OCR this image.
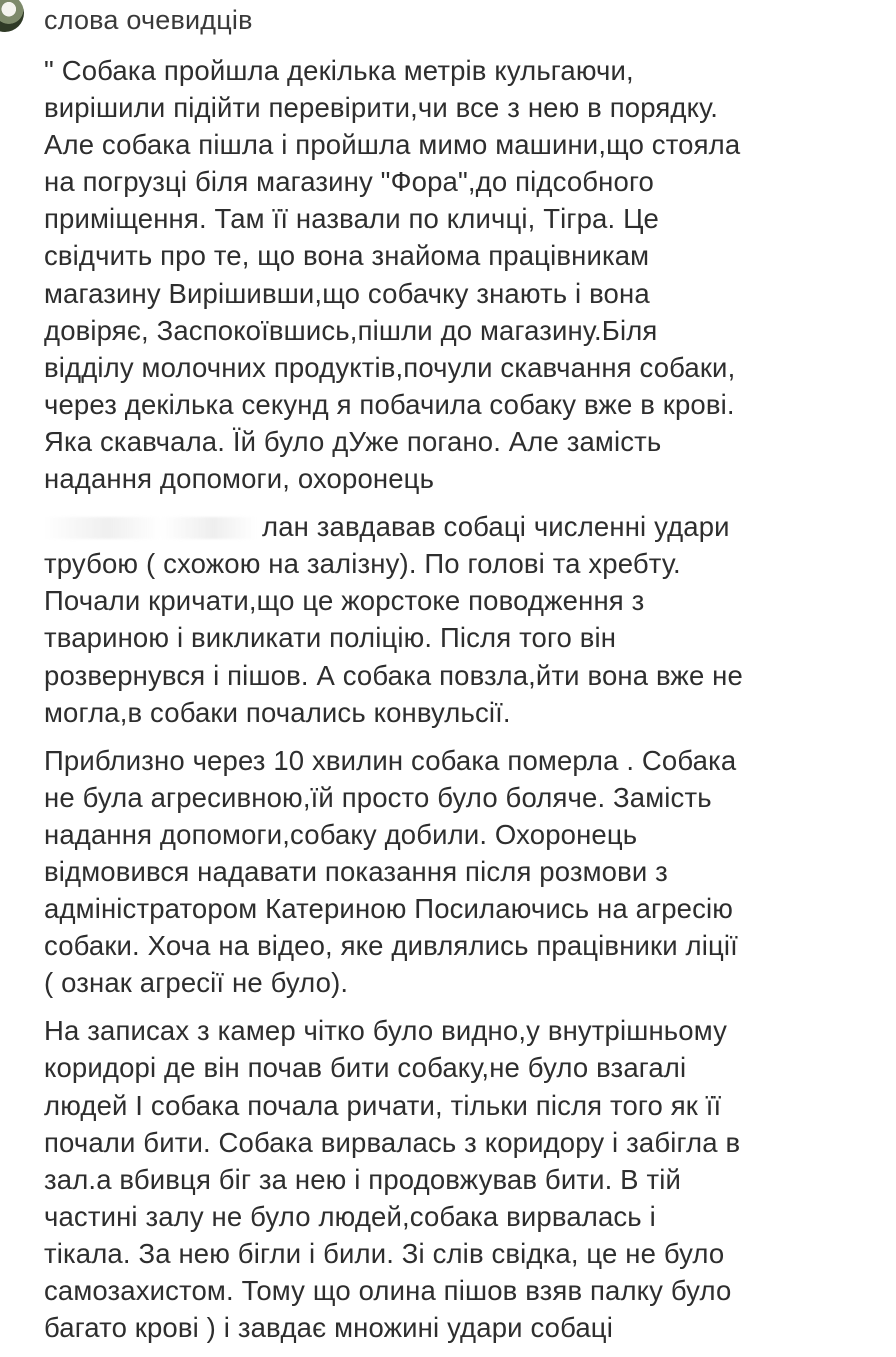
слова очевидців
" Собака пройшла декілька метрів кульгаючи,
вирішили підійти перевірити,чи все з нею в порядку.
Але собака пішла і пройшла мимо машини,що стояла
на погрузці біля магазину "Фора",до підсобного
приміщення. Там її назвали по кличці, Тігра. Це
свідчить про те, що вона знайома працівникам
магазину Вирішивши,що собачку знають і вона
довіряє, Заспокоївшись,пішли до магазину.Біля
відділу молочних продуктів,почули скавчання собаки,
через декілька секунд я побачила собаку вже в крові.
Яка скавчала. Їй було дУже погано. Але замість
надання допомоги, охоронець
лан завдавав собаці численні удари
трубою ( схожою на залізну). По голові та хребту.
Почали кричати,що це жорстоке поводження з
твариною і викликати поліцію. Після того він
розвернувся і пішов. А собака повзла,йти вона вже не
могла,в собаки почались конвульсії.
Приблизно через 10 хвилин собака померла . Собака
не була агресивною,їй просто було боляче. Замість
надання допомоги,собаку добили. Охоронець
відмовився надавати показання після розмови з
адміністратором Катериною Посилаючись на агресію
собаки. Хоча на відео, яке дивлялись працівники ліції
( ознак агресії не було).
На записах з камер чітко було видно,у внутрішньому
коридорі де він почав бити собаку,не було взагалі
людей І собака почала ричати, тільки після того як її
почали бити. Собака вирвалась з коридору і забігла в
зал.а вбивця біг за нею і продовжував бити. В тій
частині залу не було людей,собака вирвалась і
тікала. За нею бігли і били. Зі слів свідка, це не було
самозахистом. Тому що олина пішов взяв палку було
багато крові ) і завдає множині удари собаці
